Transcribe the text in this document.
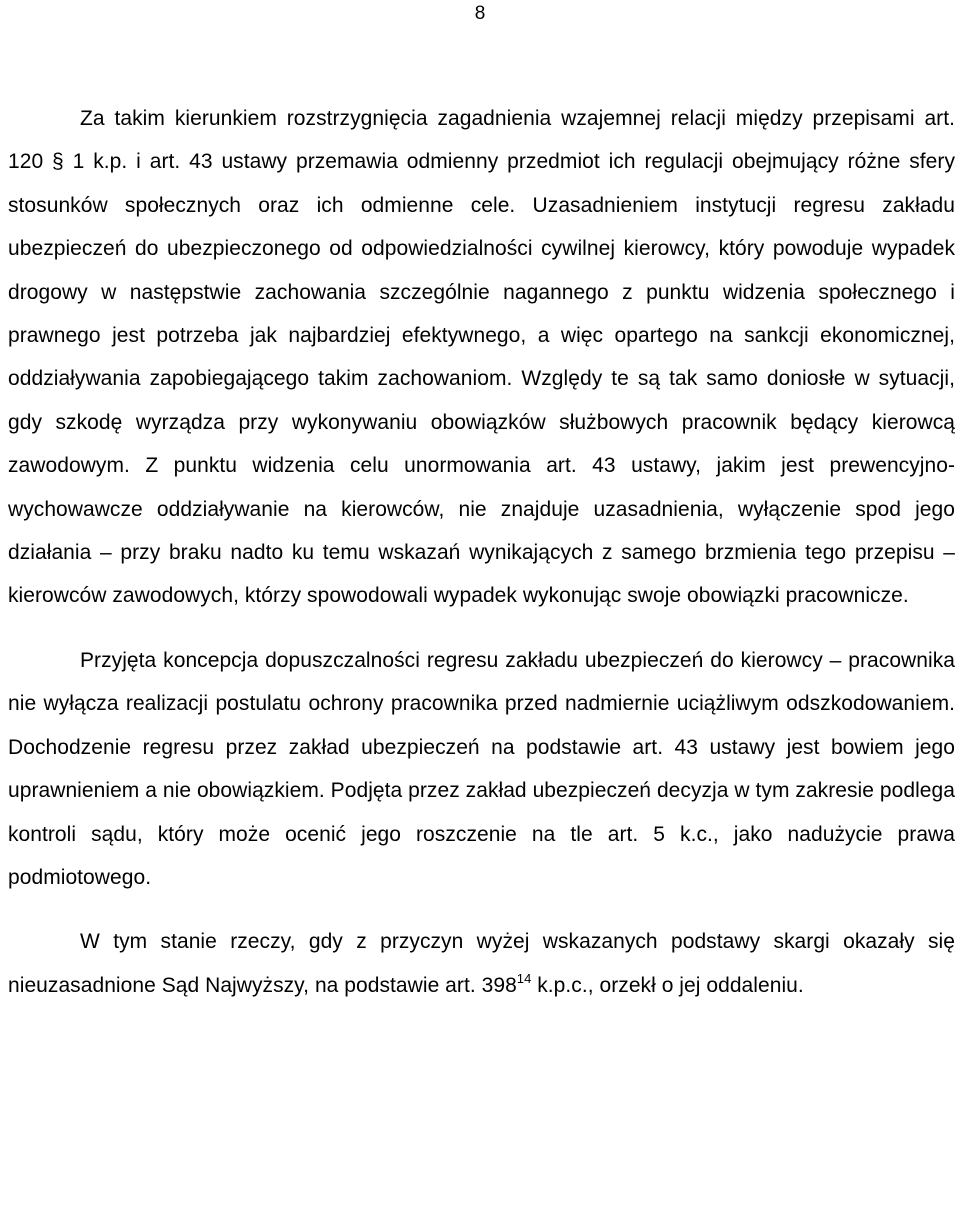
8

Za takim kierunkiem rozstrzygnięcia zagadnienia wzajemnej relacji między przepisami art. 120 § 1 k.p. i art. 43 ustawy przemawia odmienny przedmiot ich regulacji obejmujący różne sfery stosunków społecznych oraz ich odmienne cele. Uzasadnieniem instytucji regresu zakładu ubezpieczeń do ubezpieczonego od odpowiedzialności cywilnej kierowcy, który powoduje wypadek drogowy w następstwie zachowania szczególnie nagannego z punktu widzenia społecznego i prawnego jest potrzeba jak najbardziej efektywnego, a więc opartego na sankcji ekonomicznej, oddziaływania zapobiegającego takim zachowaniom. Względy te są tak samo doniosłe w sytuacji, gdy szkodę wyrządza przy wykonywaniu obowiązków służbowych pracownik będący kierowcą zawodowym. Z punktu widzenia celu unormowania art. 43 ustawy, jakim jest prewencyjno-wychowawcze oddziaływanie na kierowców, nie znajduje uzasadnienia, wyłączenie spod jego działania – przy braku nadto ku temu wskazań wynikających z samego brzmienia tego przepisu – kierowców zawodowych, którzy spowodowali wypadek wykonując swoje obowiązki pracownicze.

Przyjęta koncepcja dopuszczalności regresu zakładu ubezpieczeń do kierowcy – pracownika nie wyłącza realizacji postulatu ochrony pracownika przed nadmiernie uciążliwym odszkodowaniem. Dochodzenie regresu przez zakład ubezpieczeń na podstawie art. 43 ustawy jest bowiem jego uprawnieniem a nie obowiązkiem. Podjęta przez zakład ubezpieczeń decyzja w tym zakresie podlega kontroli sądu, który może ocenić jego roszczenie na tle art. 5 k.c., jako nadużycie prawa podmiotowego.

W tym stanie rzeczy, gdy z przyczyn wyżej wskazanych podstawy skargi okazały się nieuzasadnione Sąd Najwyższy, na podstawie art. $398^{14}$ k.p.c., orzekł o jej oddaleniu.
